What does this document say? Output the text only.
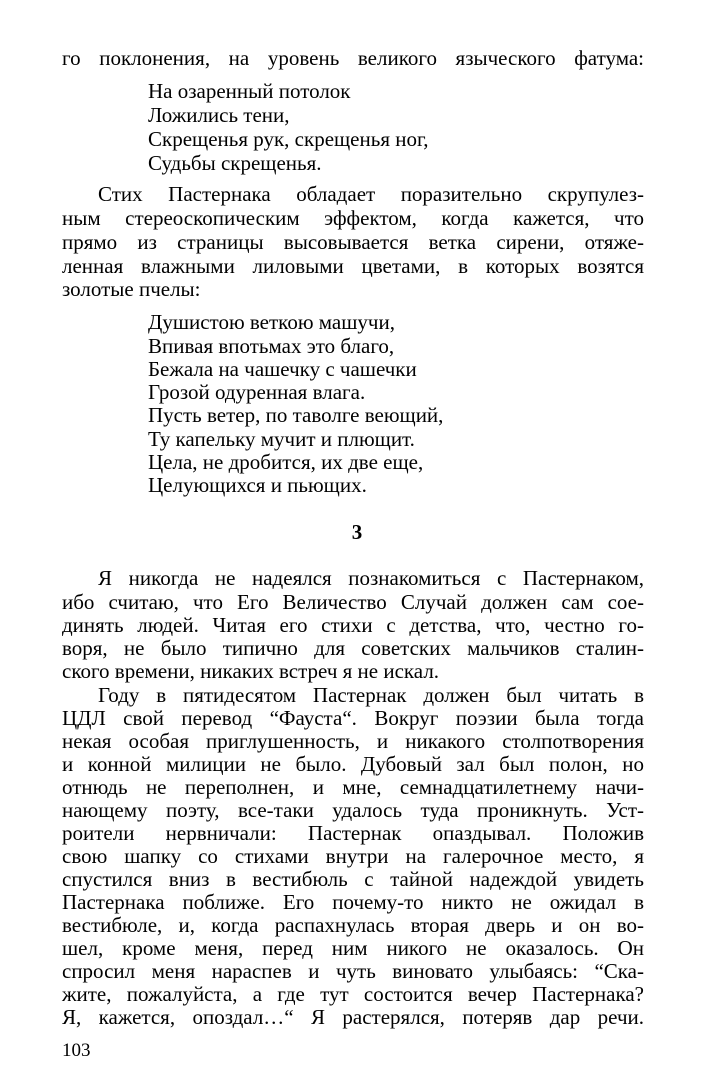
го поклонения, на уровень великого языческого фатума:
На озаренный потолок
Ложились тени,
Скрещенья рук, скрещенья ног,
Судьбы скрещенья.
Стих Пастернака обладает поразительно скрупулез-
ным стереоскопическим эффектом, когда кажется, что
прямо из страницы высовывается ветка сирени, отяже-
ленная влажными лиловыми цветами, в которых возятся
золотые пчелы:
Душистою веткою машучи,
Впивая впотьмах это благо,
Бежала на чашечку с чашечки
Грозой одуренная влага.
Пусть ветер, по таволге веющий,
Ту капельку мучит и плющит.
Цела, не дробится, их две еще,
Целующихся и пьющих.
3
Я никогда не надеялся познакомиться с Пастернаком,
ибо считаю, что Его Величество Случай должен сам сое-
динять людей. Читая его стихи с детства, что, честно го-
воря, не было типично для советских мальчиков сталин-
ского времени, никаких встреч я не искал.
Году в пятидесятом Пастернак должен был читать в
ЦДЛ свой перевод “Фауста“. Вокруг поэзии была тогда
некая особая приглушенность, и никакого столпотворения
и конной милиции не было. Дубовый зал был полон, но
отнюдь не переполнен, и мне, семнадцатилетнему начи-
нающему поэту, все-таки удалось туда проникнуть. Уст-
роители нервничали: Пастернак опаздывал. Положив
свою шапку со стихами внутри на галерочное место, я
спустился вниз в вестибюль с тайной надеждой увидеть
Пастернака поближе. Его почему-то никто не ожидал в
вестибюле, и, когда распахнулась вторая дверь и он во-
шел, кроме меня, перед ним никого не оказалось. Он
спросил меня нараспев и чуть виновато улыбаясь: “Ска-
жите, пожалуйста, а где тут состоится вечер Пастернака?
Я, кажется, опоздал…“ Я растерялся, потеряв дар речи.
103
